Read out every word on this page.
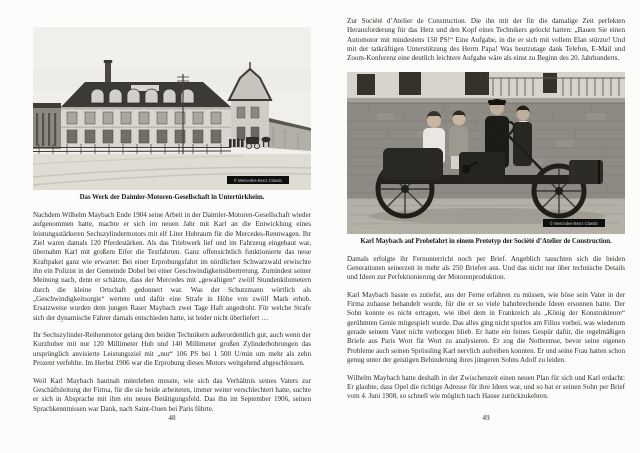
© Mercedes-Benz Classic
Das Werk der Daimler-Motoren-Gesellschaft in Untertürkheim.

Nachdem Wilhelm Maybach Ende 1904 seine Arbeit in der Daimler-Motoren-Gesellschaft wieder aufgenommen hatte, machte er sich im neuen Jahr mit Karl an die Entwicklung eines leistungsstärkeren Sechszylindermotors mit elf Liter Hubraum für die Mercedes-Rennwagen. Ihr Ziel waren damals 120 Pferdestärken. Als das Triebwerk lief und im Fahrzeug eingebaut war, übernahm Karl mit großem Eifer die Testfahrten. Ganz offensichtlich funktionierte das neue Kraftpaket ganz wie erwartet: Bei einer Erprobungsfahrt im nördlichen Schwarzwald erwischte ihn ein Polizist in der Gemeinde Dobel bei einer Geschwindigkeitsübertretung. Zumindest seiner Meinung nach, denn er schätzte, dass der Mercedes mit „gewaltigen“ zwölf Stundenkilometern durch die kleine Ortschaft gedonnert war. Was der Schutzmann wörtlich als „Geschwindigkeitsorgie“ wertete und dafür eine Strafe in Höhe von zwölf Mark erhob. Ersatzweise wurden dem jungen Raser Maybach zwei Tage Haft angedroht. Für welche Strafe sich der dynamische Fahrer damals entschieden hatte, ist leider nicht überliefert …

Ihr Sechszylinder-Reihenmotor gelang den beiden Technikern außerordentlich gut, auch wenn der Kurzhuber mit nur 120 Millimeter Hub und 140 Millimeter großen Zylinderbohrungen das ursprünglich anvisierte Leistungsziel mit „nur“ 106 PS bei 1 500 U/min um mehr als zehn Prozent verfehlte. Im Herbst 1906 war die Erprobung dieses Motors weitgehend abgeschlossen.

Weil Karl Maybach hautnah miterleben musste, wie sich das Verhältnis seines Vaters zur Geschäftsleitung der Firma, für die sie beide arbeiteten, immer weiter verschlechtert hatte, suchte er sich in Absprache mit ihm ein neues Betätigungsfeld. Das ihn im September 1906, seinen Sprachkenntnissen war Dank, nach Saint-Ouen bei Paris führte.

48

Zur Société d’Atelier de Construction. Die ihn mit der für die damalige Zeit perfekten Herausforderung für das Herz und den Kopf eines Technikers gelockt hatten: „Bauen Sie einen Automotor mit mindestens 150 PS!“ Eine Aufgabe, in die er sich mit vollem Elan stürzte! Und mit der tatkräftigen Unterstützung des Herrn Papa! Was heutzutage dank Telefon, E-Mail und Zoom-Konferenz eine deutlich leichtere Aufgabe wäre als einst zu Beginn des 20. Jahrhunderts.

© Mercedes-Benz Classic
Karl Maybach auf Probefahrt in einem Prototyp der Société d’Atelier de Construction.

Damals erfolgte ihr Fernunterricht noch per Brief. Angeblich tauschten sich die beiden Generationen seinerzeit in mehr als 250 Briefen aus. Und das nicht nur über technische Details und Ideen zur Perfektionierung der Motorenproduktion.

Karl Maybach hasste es zutiefst, aus der Ferne erfahren zu müssen, wie böse sein Vater in der Firma zuhause behandelt wurde, für die er so viele bahnbrechende Ideen ersonnen hatte. Der Sohn konnte es nicht ertragen, wie übel dem in Frankreich als „König der Konstrukteure“ gerühmten Genie mitgespielt wurde. Das alles ging nicht spurlos am Filius vorbei, was wiederum gerade seinem Vater nicht verborgen blieb. Er hatte ein feines Gespür dafür, die regelmäßigen Briefe aus Paris Wort für Wort zu analysieren. Er zog die Notbremse, bevor seine eigenen Probleme auch seinen Sprössling Karl nervlich aufreiben konnten. Er und seine Frau hatten schon genug unter der geistigen Behinderung ihres jüngeren Sohns Adolf zu leiden.

Wilhelm Maybach hatte deshalb in der Zwischenzeit einen neuen Plan für sich und Karl erdacht: Er glaubte, dass Opel die richtige Adresse für ihre Ideen war, und so bat er seinen Sohn per Brief vom 4. Juni 1908, so schnell wie möglich nach Hause zurückzukehren.

49
